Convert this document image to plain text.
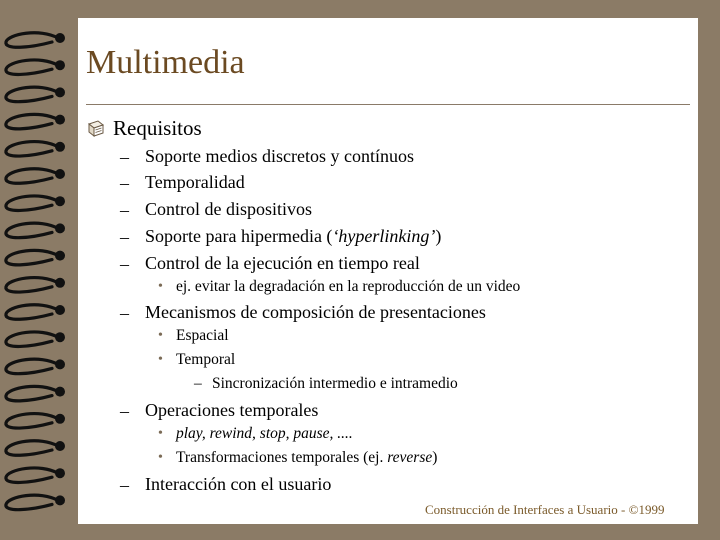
Multimedia
Requisitos
– Soporte medios discretos y contínuos
– Temporalidad
– Control de dispositivos
– Soporte para hipermedia (‘hyperlinking’)
– Control de la ejecución en tiempo real
• ej. evitar la degradación en la reproducción de un video
– Mecanismos de composición de presentaciones
• Espacial
• Temporal
– Sincronización intermedio e intramedio
– Operaciones temporales
• play, rewind, stop, pause, ....
• Transformaciones temporales (ej. reverse)
– Interacción con el usuario
Construcción de Interfaces a Usuario - ©1999
